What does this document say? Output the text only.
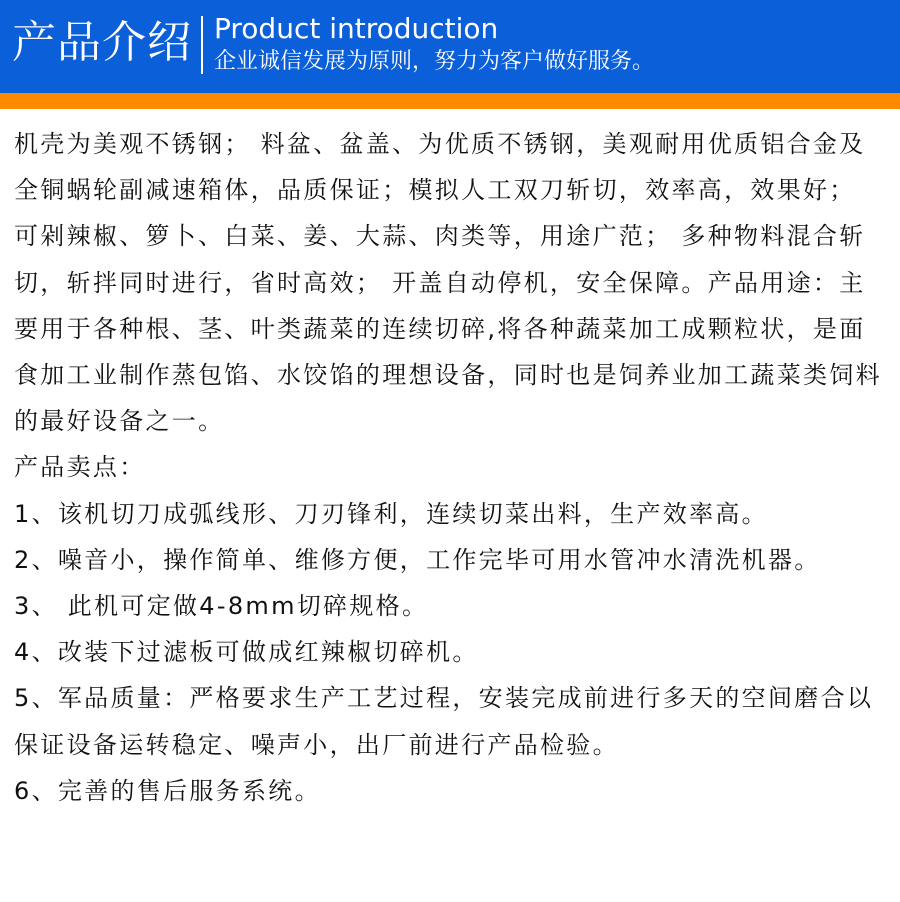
产品介绍 Product introduction
企业诚信发展为原则，努力为客户做好服务。

机壳为美观不锈钢； 料盆、盆盖、为优质不锈钢，美观耐用优质铝合金及全铜蜗轮副减速箱体，品质保证；模拟人工双刀斩切，效率高，效果好； 可剁辣椒、箩卜、白菜、姜、大蒜、肉类等，用途广范； 多种物料混合斩切，斩拌同时进行，省时高效； 开盖自动停机，安全保障。产品用途：主要用于各种根、茎、叶类蔬菜的连续切碎,将各种蔬菜加工成颗粒状，是面食加工业制作蒸包馅、水饺馅的理想设备，同时也是饲养业加工蔬菜类饲料的最好设备之一。

产品卖点：

1、该机切刀成弧线形、刀刃锋利，连续切菜出料，生产效率高。

2、噪音小，操作简单、维修方便，工作完毕可用水管冲水清洗机器。

3、 此机可定做4-8mm切碎规格。

4、改装下过滤板可做成红辣椒切碎机。

5、军品质量：严格要求生产工艺过程，安装完成前进行多天的空间磨合以保证设备运转稳定、噪声小，出厂前进行产品检验。

6、完善的售后服务系统。
